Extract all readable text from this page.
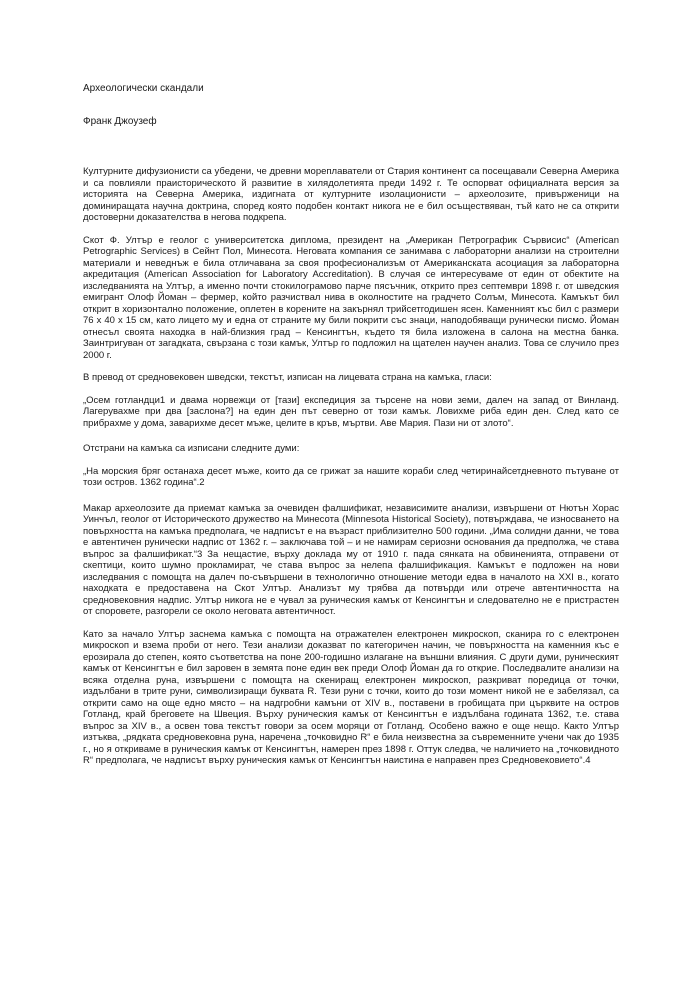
Археологически скандали
Франк Джоузеф

Културните дифузионисти са убедени, че древни мореплаватели от Стария континент са посещавали Северна Америка и са повлияли праисторическото й развитие в хилядолетията преди 1492 г. Те оспорват официалната версия за историята на Северна Америка, издигната от културните изолационисти – археолозите, привърженици на доминиращата научна доктрина, според която подобен контакт никога не е бил осъществяван, тъй като не са открити достоверни доказателства в негова подкрепа.

Скот Ф. Ултър е геолог с университетска диплома, президент на „Американ Петрографик Сървисис“ (American Petrographic Services) в Сейнт Пол, Минесота. Неговата компания се занимава с лабораторни анализи на строителни материали и неведнъж е била отличавана за своя професионализъм от Американската асоциация за лабораторна акредитация (American Association for Laboratory Accreditation). В случая се интересуваме от един от обектите на изследванията на Ултър, а именно почти стокилограмово парче пясъчник, открито през септември 1898 г. от шведския емигрант Олоф Йоман – фермер, който разчиствал нива в околностите на градчето Солъм, Минесота. Камъкът бил открит в хоризонтално положение, оплетен в корените на закърнял трийсетгодишен ясен. Каменният къс бил с размери 76 х 40 х 15 см, като лицето му и една от страните му били покрити със знаци, наподобяващи рунически писмо. Йоман отнесъл своята находка в най-близкия град – Кенсингтън, където тя била изложена в салона на местна банка. Заинтригуван от загадката, свързана с този камък, Ултър го подложил на щателен научен анализ. Това се случило през 2000 г.

В превод от средновековен шведски, текстът, изписан на лицевата страна на камъка, гласи:

„Осем готландци1 и двама норвежци от [тази] експедиция за търсене на нови земи, далеч на запад от Винланд. Лагерувахме при два [заслона?] на един ден път северно от този камък. Ловихме риба един ден. След като се прибрахме у дома, заварихме десет мъже, целите в кръв, мъртви. Аве Мария. Пази ни от злото“.

Отстрани на камъка са изписани следните думи:

„На морския бряг останаха десет мъже, които да се грижат за нашите кораби след четиринайсетдневното пътуване от този остров. 1362 година“.2

Макар археолозите да приемат камъка за очевиден фалшификат, независимите анализи, извършени от Нютън Хорас Уинчъл, геолог от Историческото дружество на Минесота (Minnesota Historical Society), потвърждава, че износването на повърхността на камъка предполага, че надписът е на възраст приблизително 500 години. „Има солидни данни, че това е автентичен рунически надпис от 1362 г. – заключава той – и не намирам сериозни основания да предполжа, че става въпрос за фалшификат.“3 За нещастие, върху доклада му от 1910 г. пада сянката на обвиненията, отправени от скептици, които шумно прокламират, че става въпрос за нелепа фалшификация. Камъкът е подложен на нови изследвания с помощта на далеч по-съвършени в технологично отношение методи едва в началото на XXI в., когато находката е предоставена на Скот Ултър. Анализът му трябва да потвърди или отрече автентичността на средновековния надпис. Ултър никога не е чувал за руническия камък от Кенсингтън и следователно не е пристрастен от споровете, разгорели се около неговата автентичност.

Като за начало Ултър заснема камъка с помощта на отражателен електронен микроскоп, сканира го с електронен микроскоп и взема проби от него. Тези анализи доказват по категоричен начин, че повърхността на каменния къс е ерозирала до степен, която съответства на поне 200-годишно излагане на външни влияния. С други думи, руническият камък от Кенсингтън е бил заровен в земята поне един век преди Олоф Йоман да го открие. Последвалите анализи на всяка отделна руна, извършени с помощта на скениращ електронен микроскоп, разкриват поредица от точки, издълбани в трите руни, символизиращи буквата R. Тези руни с точки, които до този момент никой не е забелязал, са открити само на още едно място – на надгробни камъни от XIV в., поставени в гробищата при църквите на остров Готланд, край бреговете на Швеция. Върху руническия камък от Кенсингтън е издълбана годината 1362, т.е. става въпрос за XIV в., а освен това текстът говори за осем моряци от Готланд. Особено важно е още нещо. Както Ултър изтъква, „рядката средновековна руна, наречена „точковидно R“ е била неизвестна за съвременните учени чак до 1935 г., но я откриваме в руническия камък от Кенсингтън, намерен през 1898 г. Оттук следва, че наличието на „точковидното R“ предполага, че надписът върху руническия камък от Кенсингтън наистина е направен през Средновековието“.4
